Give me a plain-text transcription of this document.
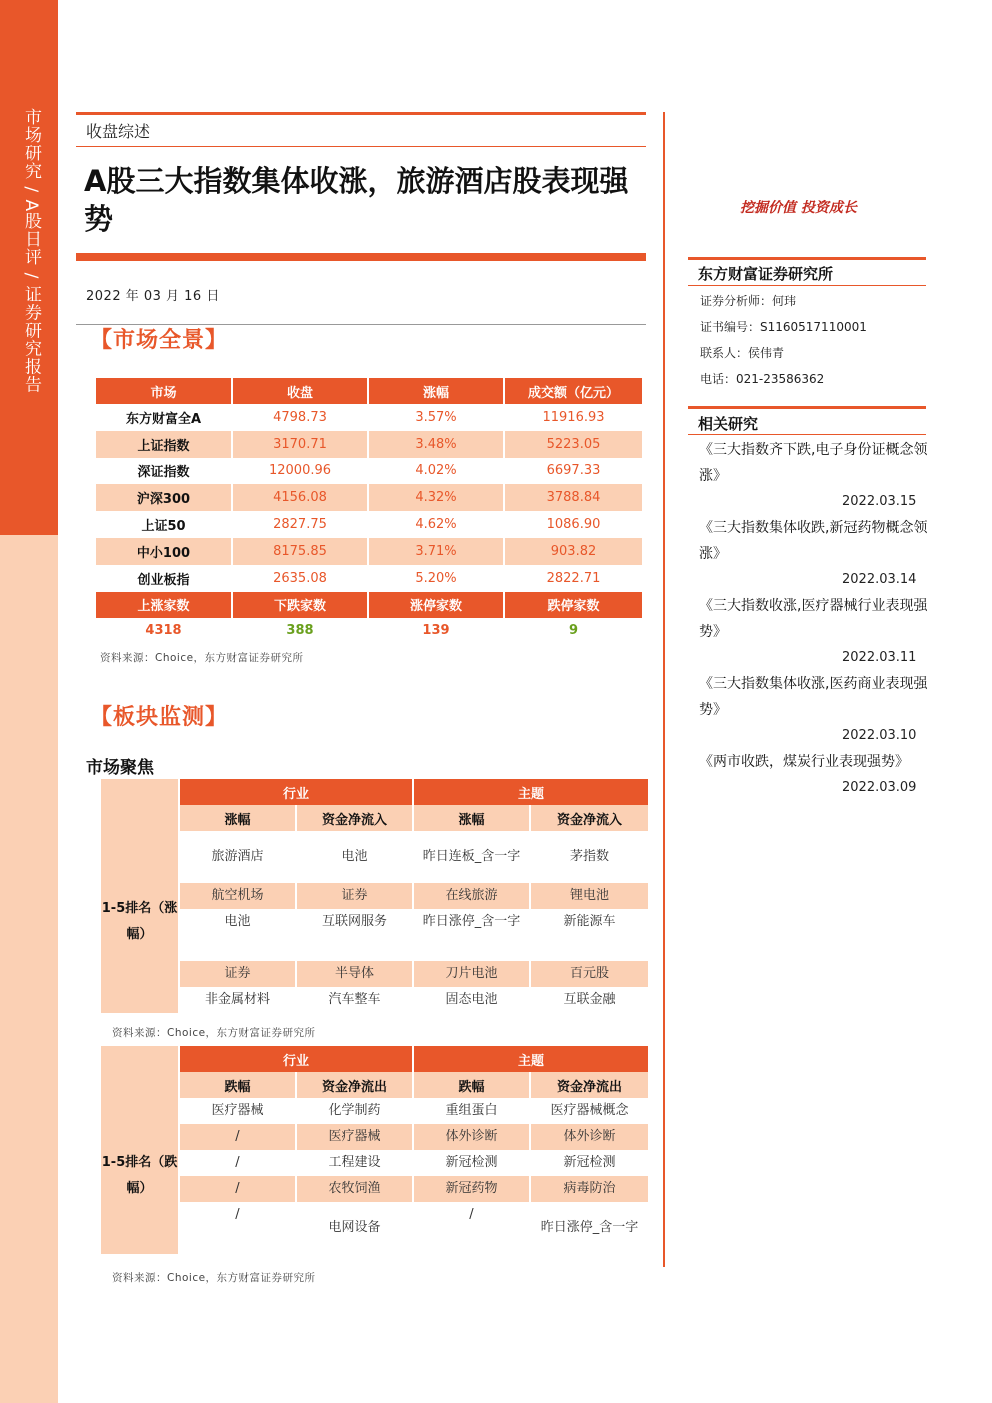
市场研究 / A股日评 / 证券研究报告	收盘综述
A股三大指数集体收涨，旅游酒店股表现强势
2022 年 03 月 16 日
【市场全景】
市场	收盘	涨幅	成交额（亿元）
东方财富全A	4798.73	3.57%	11916.93
上证指数	3170.71	3.48%	5223.05
深证指数	12000.96	4.02%	6697.33
沪深300	4156.08	4.32%	3788.84
上证50	2827.75	4.62%	1086.90
中小100	8175.85	3.71%	903.82
创业板指	2635.08	5.20%	2822.71
上涨家数	下跌家数	涨停家数	跌停家数
4318	388	139	9
资料来源：Choice，东方财富证券研究所
【板块监测】
市场聚焦
	行业		主题	
	涨幅	资金净流入	涨幅	资金净流入
1-5排名（涨幅）	旅游酒店	电池	昨日连板_含一字	茅指数
	航空机场	证券	在线旅游	锂电池
	电池	互联网服务	昨日涨停_含一字	新能源车
	证券	半导体	刀片电池	百元股
	非金属材料	汽车整车	固态电池	互联金融
资料来源：Choice，东方财富证券研究所
	行业		主题	
	跌幅	资金净流出	跌幅	资金净流出
1-5排名（跌幅）	医疗器械	化学制药	重组蛋白	医疗器械概念
	/	医疗器械	体外诊断	体外诊断
	/	工程建设	新冠检测	新冠检测
	/	农牧饲渔	新冠药物	病毒防治
	/	电网设备	/	昨日涨停_含一字
资料来源：Choice，东方财富证券研究所
挖掘价值 投资成长
东方财富证券研究所
证券分析师：何玮
证书编号：S1160517110001
联系人：侯伟青
电话：021-23586362
相关研究
《三大指数齐下跌,电子身份证概念领涨》
2022.03.15
《三大指数集体收跌,新冠药物概念领涨》
2022.03.14
《三大指数收涨,医疗器械行业表现强势》
2022.03.11
《三大指数集体收涨,医药商业表现强势》
2022.03.10
《两市收跌，煤炭行业表现强势》
2022.03.09
